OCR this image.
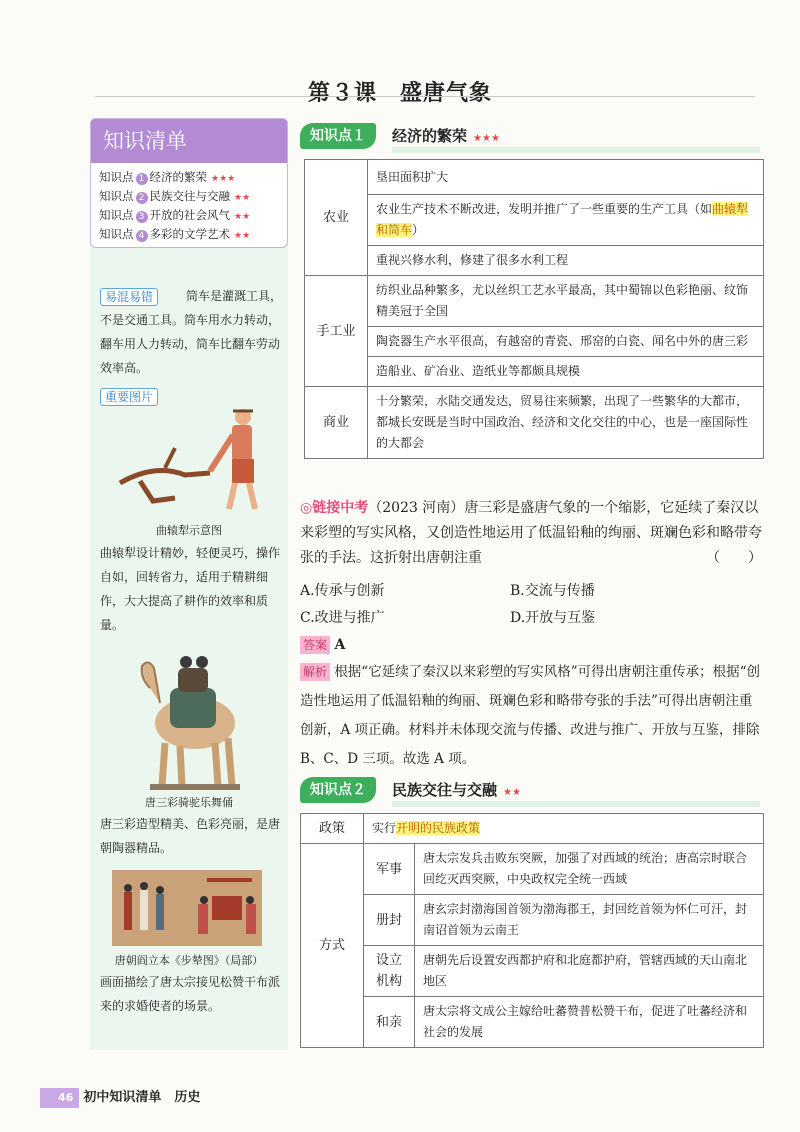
第３课　盛唐气象
知识清单
知识点 1 经济的繁荣 ★★★
知识点 2 民族交往与交融 ★★
知识点 3 开放的社会风气 ★★
知识点 4 多彩的文学艺术 ★★
易混易错	筒车是灌溉工具，不是交通工具。筒车用水力转动，翻车用人力转动，筒车比翻车劳动效率高。
重要图片
曲辕犁示意图
曲辕犁设计精妙，轻便灵巧，操作自如，回转省力，适用于精耕细作，大大提高了耕作的效率和质量。
唐三彩骑驼乐舞俑
唐三彩造型精美、色彩亮丽，是唐朝陶器精品。
唐朝阎立本《步辇图》（局部）
画面描绘了唐太宗接见松赞干布派来的求婚使者的场景。
知识点１	经济的繁荣 ★★★
农业	垦田面积扩大
	农业生产技术不断改进，发明并推广了一些重要的生产工具（如曲辕犁和筒车）
	重视兴修水利，修建了很多水利工程
手工业	纺织业品种繁多，尤以丝织工艺水平最高，其中蜀锦以色彩艳丽、纹饰精美冠于全国
	陶瓷器生产水平很高，有越窑的青瓷、邢窑的白瓷、闻名中外的唐三彩
	造船业、矿冶业、造纸业等都颇具规模
商业	十分繁荣，水陆交通发达，贸易往来频繁，出现了一些繁华的大都市，都城长安既是当时中国政治、经济和文化交往的中心，也是一座国际性的大都会
◎链接中考（2023 河南）唐三彩是盛唐气象的一个缩影，它延续了秦汉以来彩塑的写实风格，又创造性地运用了低温铅釉的绚丽、斑斓色彩和略带夸张的手法。这折射出唐朝注重	（　　）
A.传承与创新	B.交流与传播
C.改进与推广	D.开放与互鉴
答案 A
解析 根据“它延续了秦汉以来彩塑的写实风格”可得出唐朝注重传承；根据“创造性地运用了低温铅釉的绚丽、斑斓色彩和略带夸张的手法”可得出唐朝注重创新，A 项正确。材料并未体现交流与传播、改进与推广、开放与互鉴，排除 B、C、D 三项。故选 A 项。
知识点２	民族交往与交融 ★★
政策	实行开明的民族政策	
方式	军事	唐太宗发兵击败东突厥，加强了对西域的统治；唐高宗时联合回纥灭西突厥，中央政权完全统一西域
	册封	唐玄宗封渤海国首领为渤海郡王，封回纥首领为怀仁可汗，封南诏首领为云南王
	设立机构	唐朝先后设置安西都护府和北庭都护府，管辖西域的天山南北地区
	和亲	唐太宗将文成公主嫁给吐蕃赞普松赞干布，促进了吐蕃经济和社会的发展
46 初中知识清单　历史
